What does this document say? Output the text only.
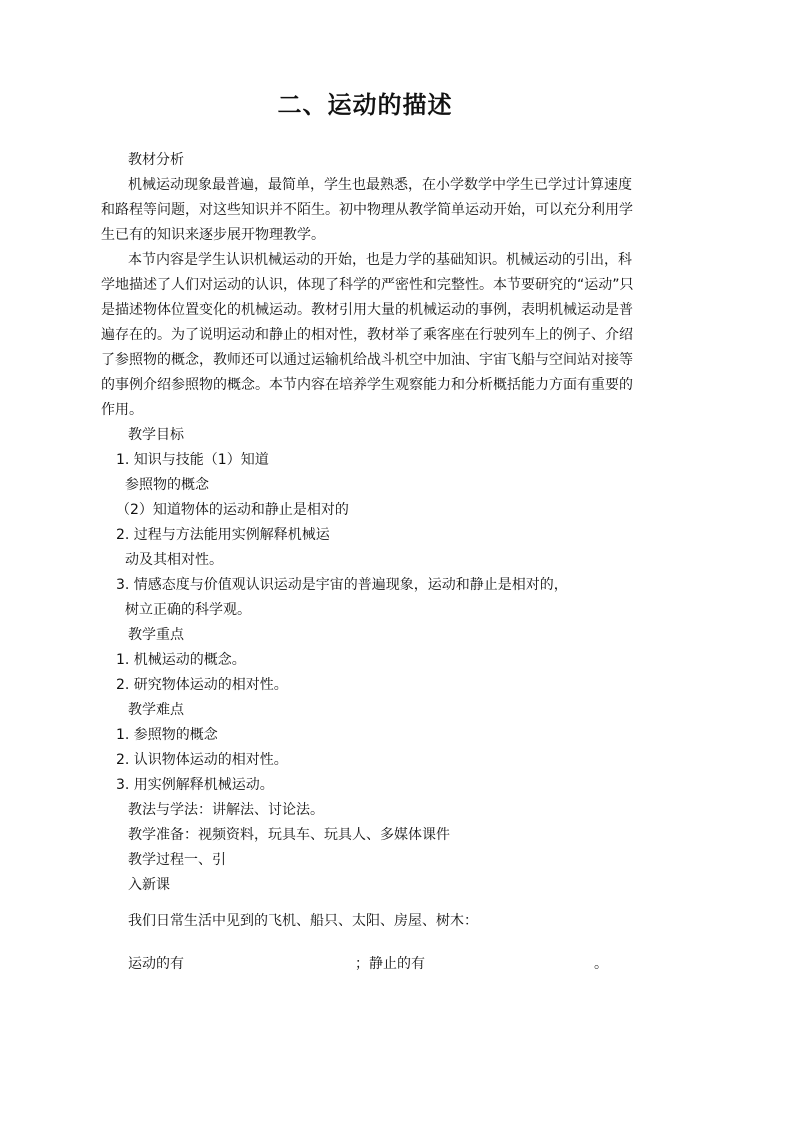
二、运动的描述

教材分析

机械运动现象最普遍，最简单，学生也最熟悉，在小学数学中学生已学过计算速度

和路程等问题，对这些知识并不陌生。初中物理从教学简单运动开始，可以充分利用学

生已有的知识来逐步展开物理教学。

本节内容是学生认识机械运动的开始，也是力学的基础知识。机械运动的引出，科

学地描述了人们对运动的认识，体现了科学的严密性和完整性。本节要研究的“运动”只

是描述物体位置变化的机械运动。教材引用大量的机械运动的事例，表明机械运动是普

遍存在的。为了说明运动和静止的相对性，教材举了乘客座在行驶列车上的例子、介绍

了参照物的概念，教师还可以通过运输机给战斗机空中加油、宇宙飞船与空间站对接等

的事例介绍参照物的概念。本节内容在培养学生观察能力和分析概括能力方面有重要的

作用。

教学目标

1. 知识与技能（1）知道

参照物的概念

（2）知道物体的运动和静止是相对的

2. 过程与方法能用实例解释机械运

动及其相对性。

3. 情感态度与价值观认识运动是宇宙的普遍现象，运动和静止是相对的，

树立正确的科学观。

教学重点

1. 机械运动的概念。

2. 研究物体运动的相对性。

教学难点

1. 参照物的概念

2. 认识物体运动的相对性。

3. 用实例解释机械运动。

教法与学法：讲解法、讨论法。

教学准备：视频资料，玩具车、玩具人、多媒体课件

教学过程一、引

入新课

我们日常生活中见到的飞机、船只、太阳、房屋、树木：

运动的有	；静止的有	。
